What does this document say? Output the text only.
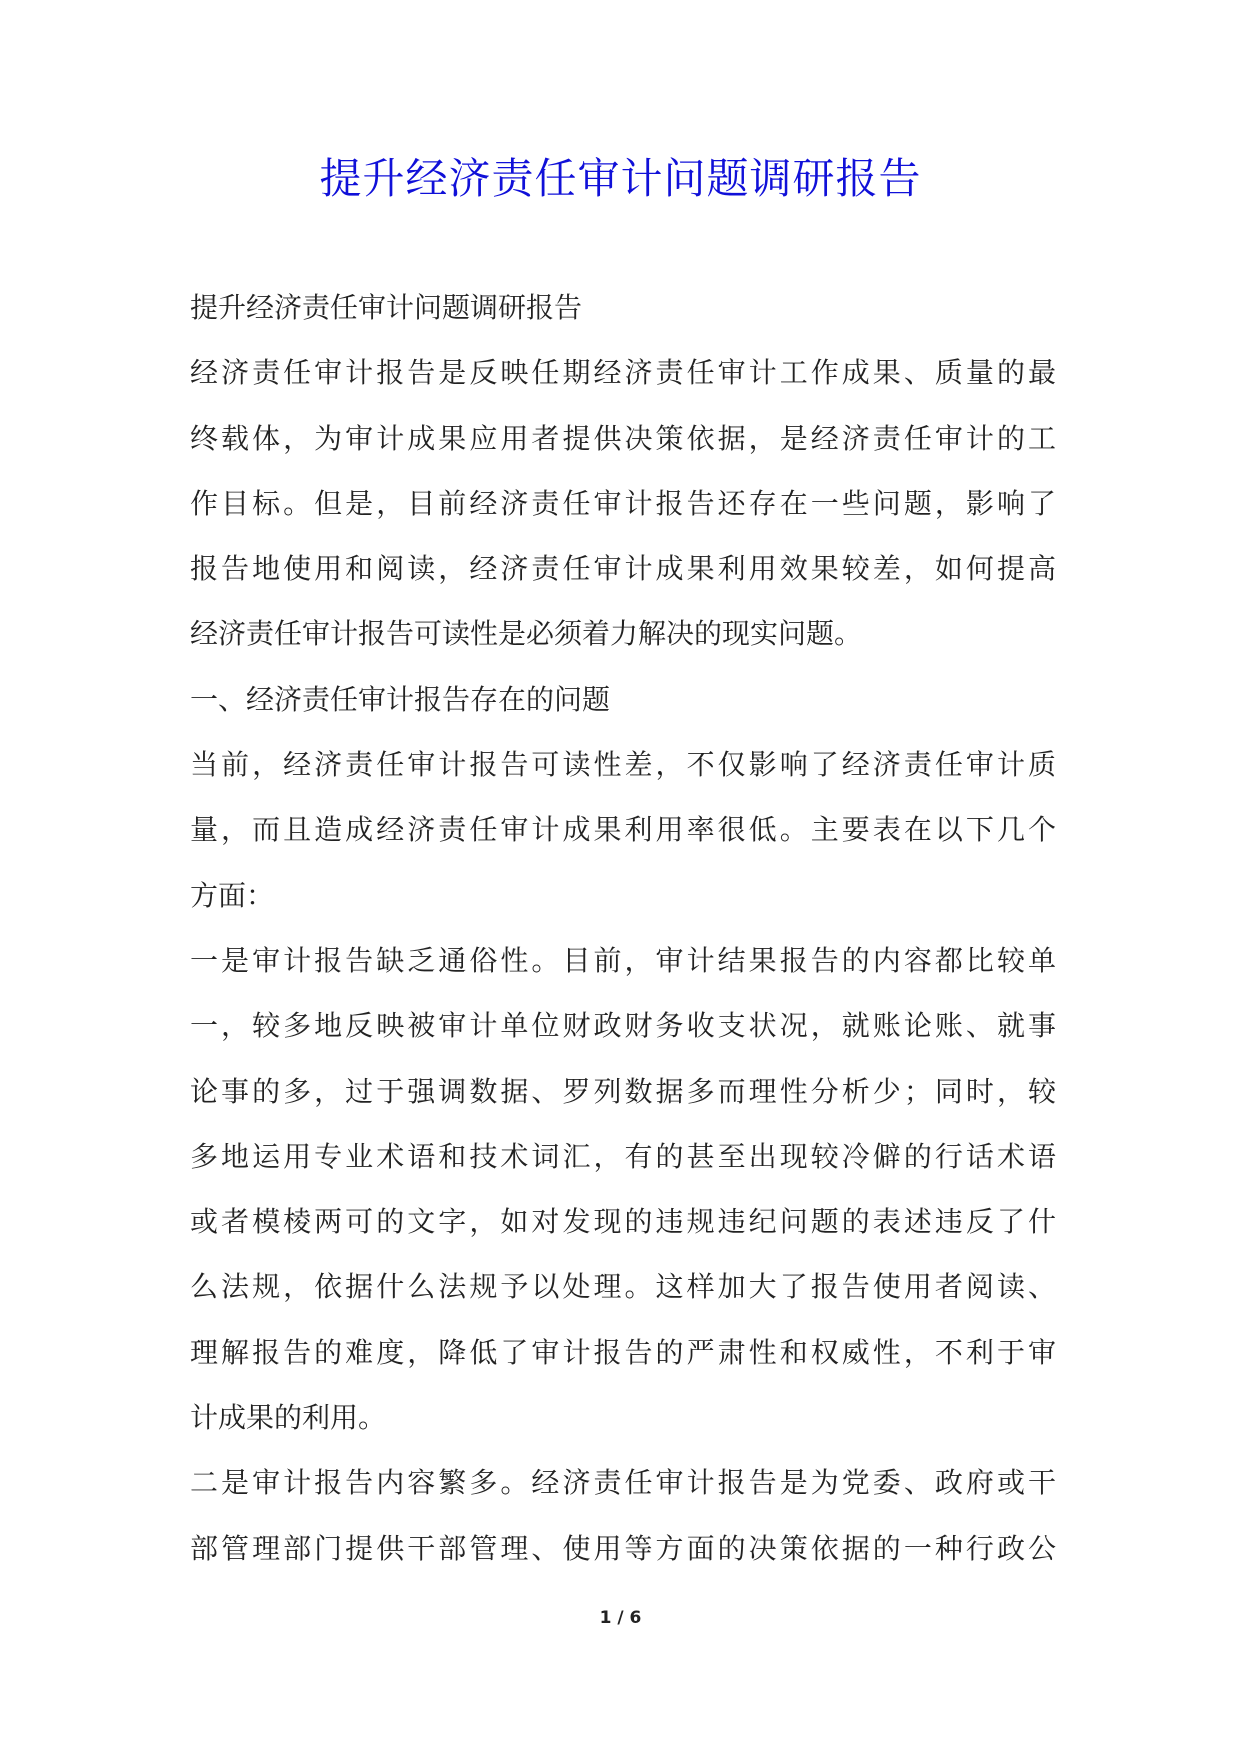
提升经济责任审计问题调研报告
提升经济责任审计问题调研报告
经济责任审计报告是反映任期经济责任审计工作成果、质量的最
终载体，为审计成果应用者提供决策依据，是经济责任审计的工
作目标。但是，目前经济责任审计报告还存在一些问题，影响了
报告地使用和阅读，经济责任审计成果利用效果较差，如何提高
经济责任审计报告可读性是必须着力解决的现实问题。
一、经济责任审计报告存在的问题
当前，经济责任审计报告可读性差，不仅影响了经济责任审计质
量，而且造成经济责任审计成果利用率很低。主要表在以下几个
方面：
一是审计报告缺乏通俗性。目前，审计结果报告的内容都比较单
一，较多地反映被审计单位财政财务收支状况，就账论账、就事
论事的多，过于强调数据、罗列数据多而理性分析少；同时，较
多地运用专业术语和技术词汇，有的甚至出现较冷僻的行话术语
或者模棱两可的文字，如对发现的违规违纪问题的表述违反了什
么法规，依据什么法规予以处理。这样加大了报告使用者阅读、
理解报告的难度，降低了审计报告的严肃性和权威性，不利于审
计成果的利用。
二是审计报告内容繁多。经济责任审计报告是为党委、政府或干
部管理部门提供干部管理、使用等方面的决策依据的一种行政公
1 / 6
